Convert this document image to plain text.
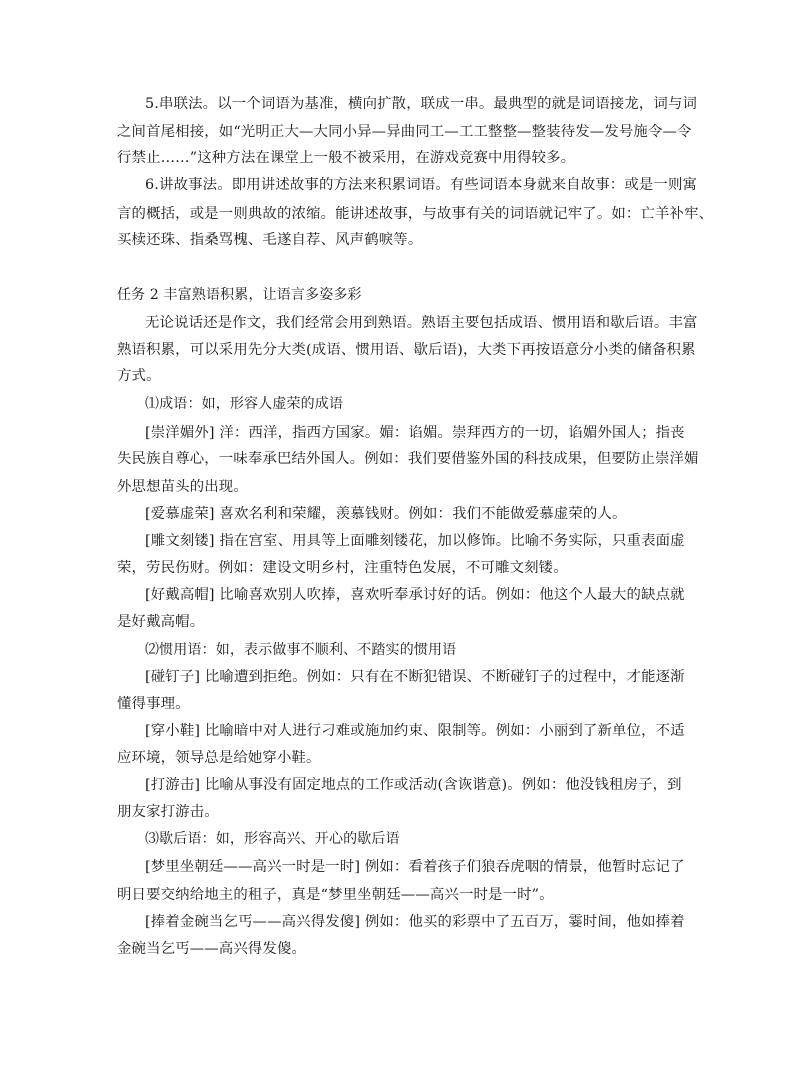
5.串联法。以一个词语为基准，横向扩散，联成一串。最典型的就是词语接龙，词与词
之间首尾相接，如“光明正大—大同小异—异曲同工—工工整整—整装待发—发号施令—令
行禁止……”这种方法在课堂上一般不被采用，在游戏竞赛中用得较多。
6.讲故事法。即用讲述故事的方法来积累词语。有些词语本身就来自故事：或是一则寓
言的概括，或是一则典故的浓缩。能讲述故事，与故事有关的词语就记牢了。如：亡羊补牢、
买椟还珠、指桑骂槐、毛遂自荐、风声鹤唳等。
任务 2 丰富熟语积累，让语言多姿多彩
无论说话还是作文，我们经常会用到熟语。熟语主要包括成语、惯用语和歇后语。丰富
熟语积累，可以采用先分大类(成语、惯用语、歇后语)，大类下再按语意分小类的储备积累
方式。
⑴成语：如，形容人虚荣的成语
[崇洋媚外] 洋：西洋，指西方国家。媚：谄媚。崇拜西方的一切，谄媚外国人；指丧
失民族自尊心，一味奉承巴结外国人。例如：我们要借鉴外国的科技成果，但要防止崇洋媚
外思想苗头的出现。
[爱慕虚荣] 喜欢名利和荣耀，羡慕钱财。例如：我们不能做爱慕虚荣的人。
[雕文刻镂] 指在宫室、用具等上面雕刻镂花，加以修饰。比喻不务实际，只重表面虚
荣，劳民伤财。例如：建设文明乡村，注重特色发展，不可雕文刻镂。
[好戴高帽] 比喻喜欢别人吹捧，喜欢听奉承讨好的话。例如：他这个人最大的缺点就
是好戴高帽。
⑵惯用语：如，表示做事不顺利、不踏实的惯用语
[碰钉子] 比喻遭到拒绝。例如：只有在不断犯错误、不断碰钉子的过程中，才能逐渐
懂得事理。
[穿小鞋] 比喻暗中对人进行刁难或施加约束、限制等。例如：小丽到了新单位，不适
应环境，领导总是给她穿小鞋。
[打游击] 比喻从事没有固定地点的工作或活动(含诙谐意)。例如：他没钱租房子，到
朋友家打游击。
⑶歇后语：如，形容高兴、开心的歇后语
[梦里坐朝廷——高兴一时是一时] 例如：看着孩子们狼吞虎咽的情景，他暂时忘记了
明日要交纳给地主的租子，真是“梦里坐朝廷——高兴一时是一时”。
[捧着金碗当乞丐——高兴得发傻] 例如：他买的彩票中了五百万，霎时间，他如捧着
金碗当乞丐——高兴得发傻。
